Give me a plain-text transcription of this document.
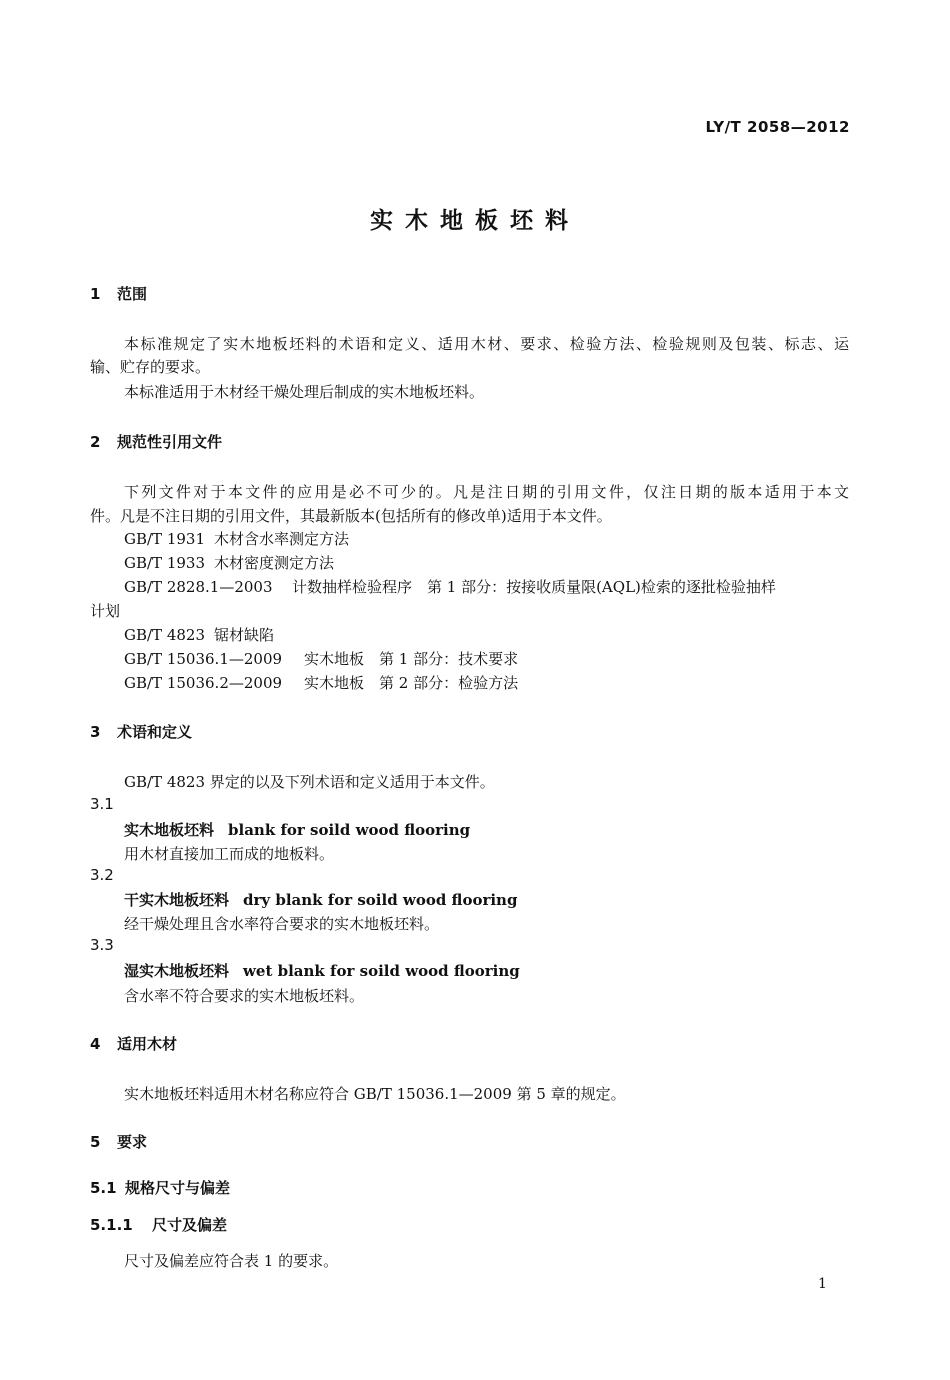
LY/T 2058—2012
实木地板坯料
1 范围
本标准规定了实木地板坯料的术语和定义、适用木材、要求、检验方法、检验规则及包装、标志、运
输、贮存的要求。
本标准适用于木材经干燥处理后制成的实木地板坯料。
2 规范性引用文件
下列文件对于本文件的应用是必不可少的。凡是注日期的引用文件，仅注日期的版本适用于本文
件。凡是不注日期的引用文件，其最新版本(包括所有的修改单)适用于本文件。
GB/T 1931 木材含水率测定方法
GB/T 1933 木材密度测定方法
GB/T 2828.1—2003 计数抽样检验程序　第 1 部分：按接收质量限(AQL)检索的逐批检验抽样
计划
GB/T 4823 锯材缺陷
GB/T 15036.1—2009 实木地板　第 1 部分：技术要求
GB/T 15036.2—2009 实木地板　第 2 部分：检验方法
3 术语和定义
GB/T 4823 界定的以及下列术语和定义适用于本文件。
3.1
实木地板坯料 blank for soild wood flooring
用木材直接加工而成的地板料。
3.2
干实木地板坯料 dry blank for soild wood flooring
经干燥处理且含水率符合要求的实木地板坯料。
3.3
湿实木地板坯料 wet blank for soild wood flooring
含水率不符合要求的实木地板坯料。
4 适用木材
实木地板坯料适用木材名称应符合 GB/T 15036.1—2009 第 5 章的规定。
5 要求
5.1 规格尺寸与偏差
5.1.1 尺寸及偏差
尺寸及偏差应符合表 1 的要求。
1
